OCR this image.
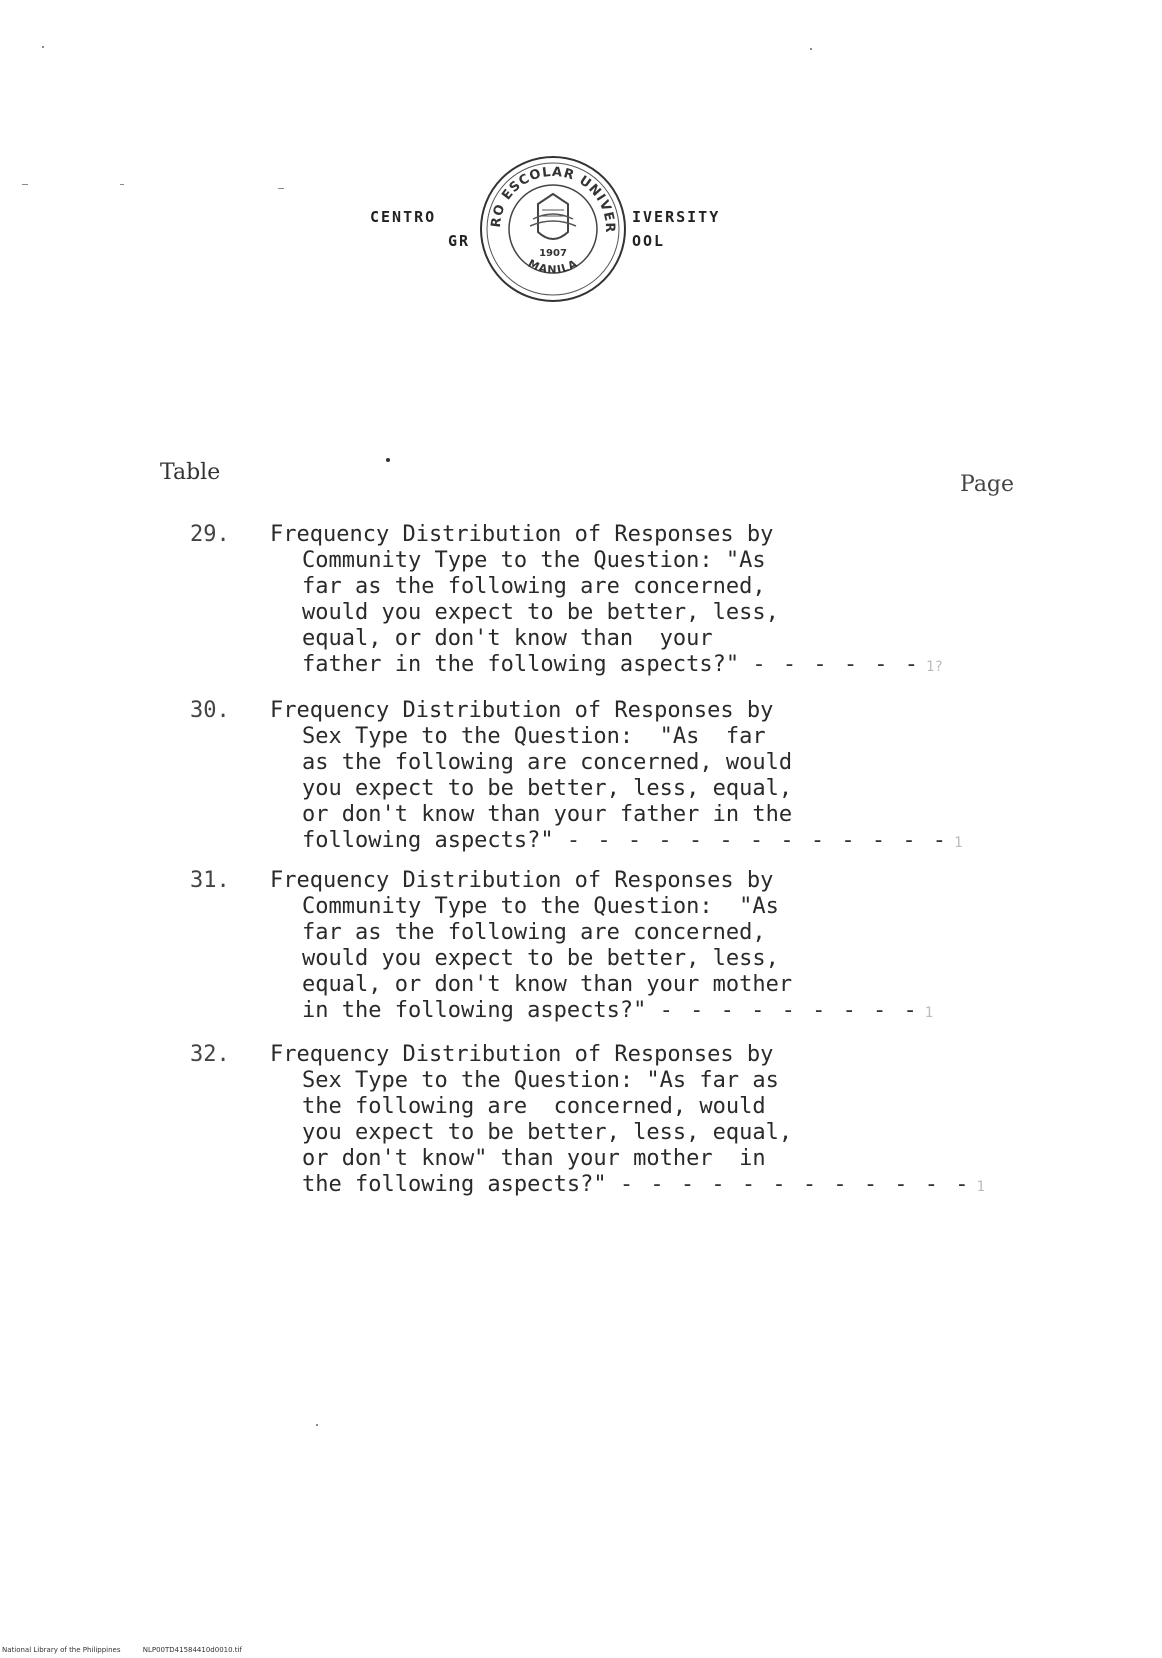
CENTRO	IVERSITY
GR	OOL
RO ESCOLAR UNIVER
1907
MANILA
Table	Page
29. Frequency Distribution of Responses by
Community Type to the Question: "As
far as the following are concerned,
would you expect to be better, less,
equal, or don't know than  your
father in the following aspects?" - - - - - - 1?
30. Frequency Distribution of Responses by
Sex Type to the Question:  "As  far
as the following are concerned, would
you expect to be better, less, equal,
or don't know than your father in the
following aspects?" - - - - - - - - - - - - - 1
31. Frequency Distribution of Responses by
Community Type to the Question:  "As
far as the following are concerned,
would you expect to be better, less,
equal, or don't know than your mother
in the following aspects?" - - - - - - - - - 1
32. Frequency Distribution of Responses by
Sex Type to the Question: "As far as
the following are  concerned, would
you expect to be better, less, equal,
or don't know" than your mother  in
the following aspects?" - - - - - - - - - - - - 1
National Library of the Philippines	NLP00TD41584410d0010.tif
